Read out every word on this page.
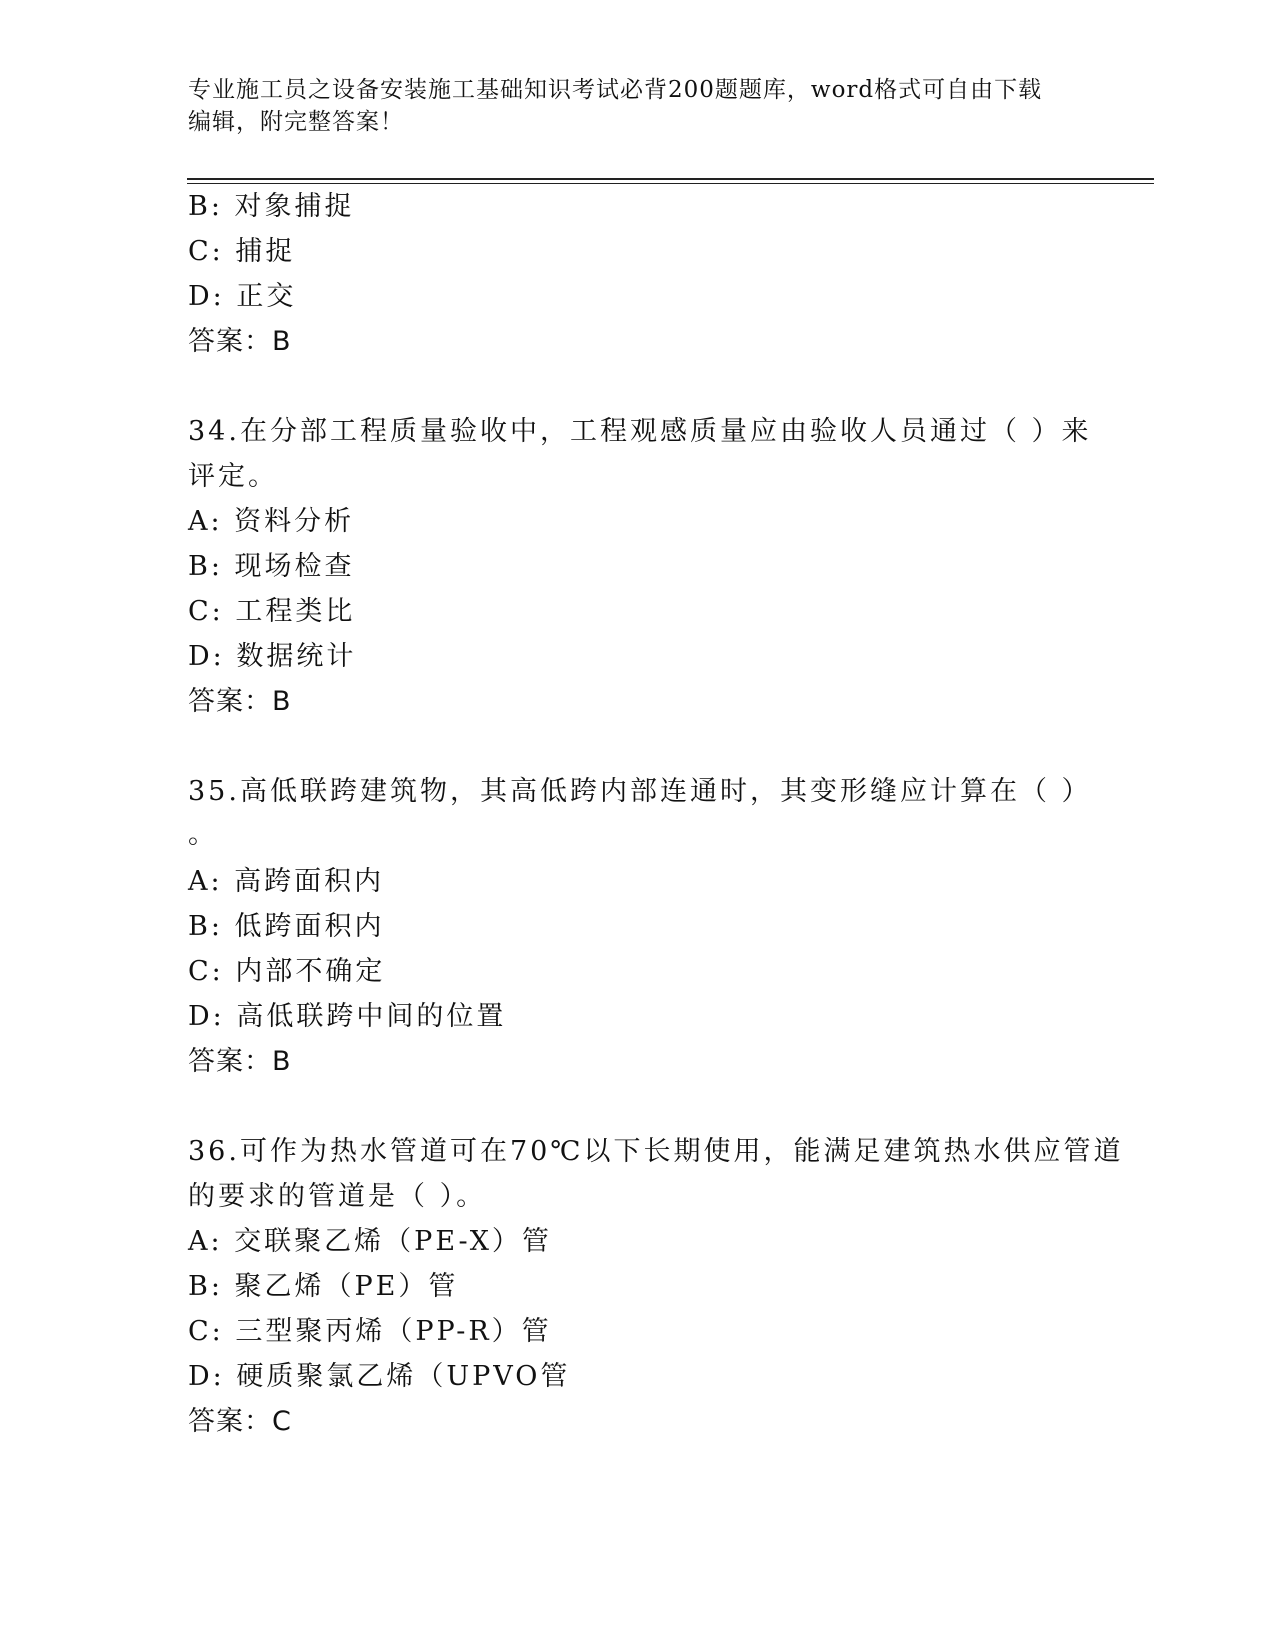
专业施工员之设备安装施工基础知识考试必背200题题库，word格式可自由下载
编辑，附完整答案！
B: 对象捕捉
C: 捕捉
D: 正交
答案：B
34.在分部工程质量验收中，工程观感质量应由验收人员通过（ ）来
评定。
A: 资料分析
B: 现场检查
C: 工程类比
D: 数据统计
答案：B
35.高低联跨建筑物，其高低跨内部连通时，其变形缝应计算在（ ）
。
A: 高跨面积内
B: 低跨面积内
C: 内部不确定
D: 高低联跨中间的位置
答案：B
36.可作为热水管道可在70℃以下长期使用，能满足建筑热水供应管道
的要求的管道是（ ）。
A: 交联聚乙烯（PE-X）管
B: 聚乙烯（PE）管
C: 三型聚丙烯（PP-R）管
D: 硬质聚氯乙烯（UPVO管
答案：C
